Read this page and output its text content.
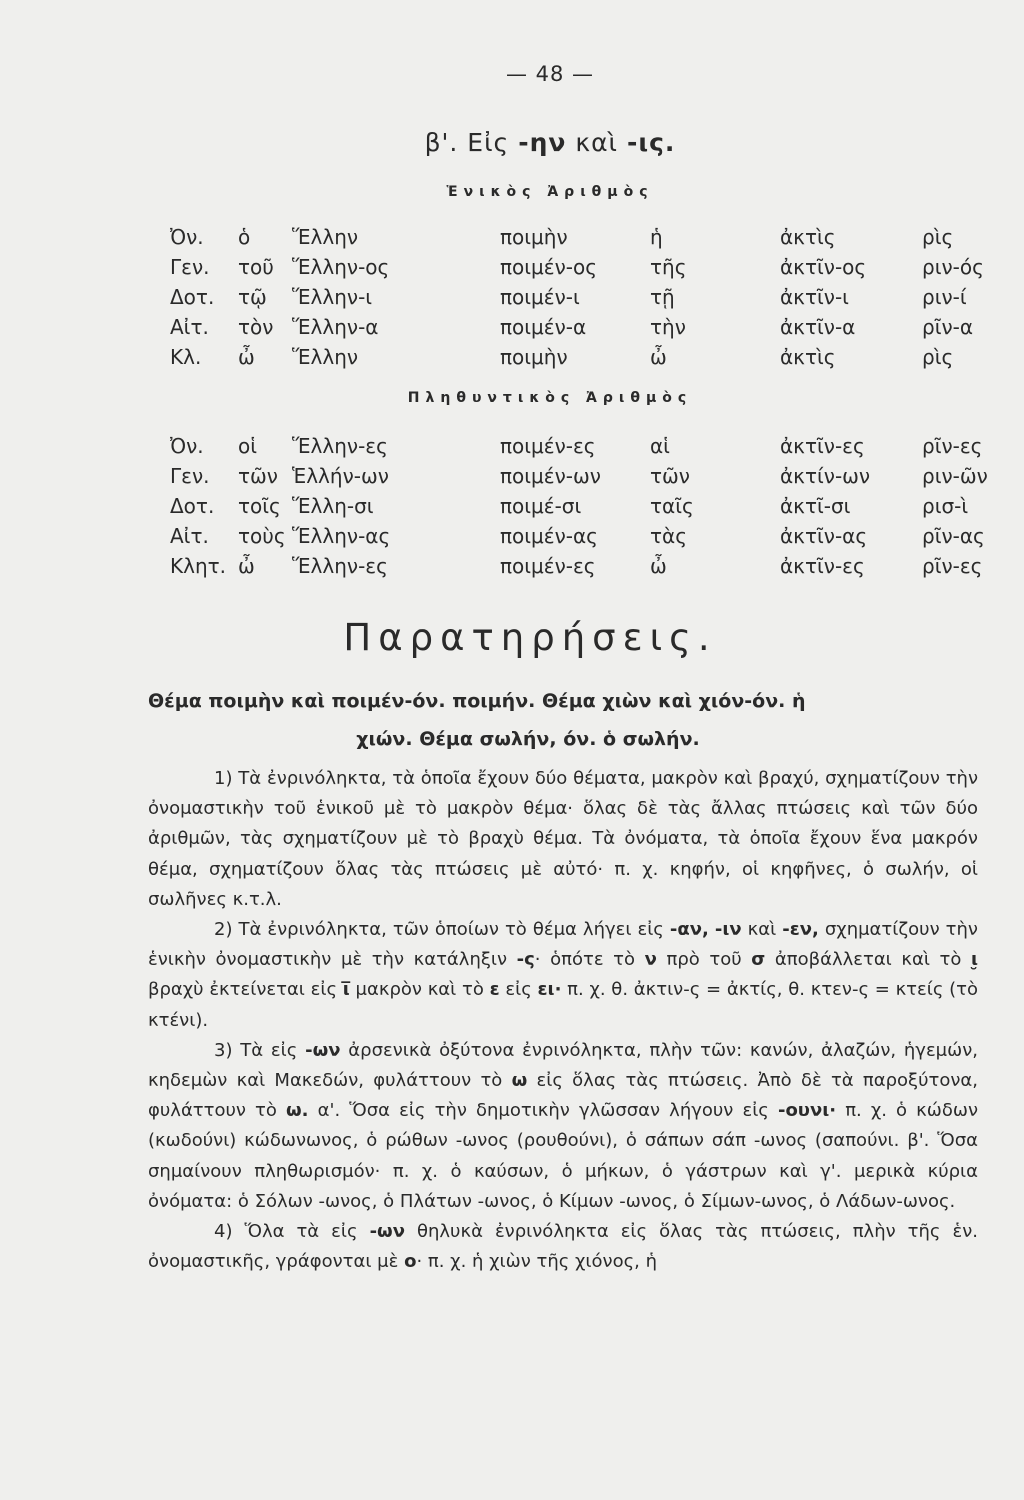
— 48 —
β'. Εἰς -ην καὶ -ις.
Ἑνικὸς Ἀριθμὸς
Ὀν.	ὁ	Ἕλλην	ποιμὴν	ἡ	ἀκτὶς	ρὶς
Γεν.	τοῦ	Ἕλλην-ος	ποιμέν-ος	τῆς	ἀκτῖν-ος	ριν-ός
Δοτ.	τῷ	Ἕλλην-ι	ποιμέν-ι	τῇ	ἀκτῖν-ι	ριν-ί
Αἰτ.	τὸν	Ἕλλην-α	ποιμέν-α	τὴν	ἀκτῖν-α	ρῖν-α
Κλ.	ὦ	Ἕλλην	ποιμὴν	ὦ	ἀκτὶς	ρὶς
Πληθυντικὸς Ἀριθμὸς
Ὀν.	οἱ	Ἕλλην-ες	ποιμέν-ες	αἱ	ἀκτῖν-ες	ρῖν-ες
Γεν.	τῶν	Ἑλλήν-ων	ποιμέν-ων	τῶν	ἀκτίν-ων	ριν-ῶν
Δοτ.	τοῖς	Ἕλλη-σι	ποιμέ-σι	ταῖς	ἀκτῖ-σι	ρισ-ὶ
Αἰτ.	τοὺς	Ἕλλην-ας	ποιμέν-ας	τὰς	ἀκτῖν-ας	ρῖν-ας
Κλητ.	ὦ	Ἕλλην-ες	ποιμέν-ες	ὦ	ἀκτῖν-ες	ρῖν-ες
Παρατηρήσεις.
Θέμα ποιμὴν καὶ ποιμέν-όν. ποιμήν. Θέμα χιὼν καὶ χιόν-όν. ἡ
χιών. Θέμα σωλήν, όν. ὁ σωλήν.

1) Τὰ ἐνρινόληκτα, τὰ ὁποῖα ἔχουν δύο θέματα, μακρὸν καὶ βραχύ, σχηματίζουν τὴν ὀνομαστικὴν τοῦ ἑνικοῦ μὲ τὸ μακρὸν θέμα· ὅλας δὲ τὰς ἄλλας πτώσεις καὶ τῶν δύο ἀριθμῶν, τὰς σχηματίζουν μὲ τὸ βραχὺ θέμα. Τὰ ὀνόματα, τὰ ὁποῖα ἔχουν ἕνα μακρόν θέμα, σχηματίζουν ὅλας τὰς πτώσεις μὲ αὐτό· π. χ. κηφήν, οἱ κηφῆνες, ὁ σωλήν, οἱ σωλῆνες κ.τ.λ.

2) Τὰ ἐνρινόληκτα, τῶν ὁποίων τὸ θέμα λήγει εἰς -αν, -ιν καὶ -εν, σχηματίζουν τὴν ἑνικὴν ὀνομαστικὴν μὲ τὴν κατάληξιν -ς· ὁπότε τὸ ν πρὸ τοῦ σ ἀποβάλλεται καὶ τὸ ι̮ βραχὺ ἐκτείνεται εἰς ι̅ μακρὸν καὶ τὸ ε εἰς ει· π. χ. θ. ἀκτιν-ς = ἀκτίς, θ. κτεν-ς = κτείς (τὸ κτένι).

3) Τὰ εἰς -ων ἀρσενικὰ ὀξύτονα ἐνρινόληκτα, πλὴν τῶν: κανών, ἀλαζών, ἡγεμών, κηδεμὼν καὶ Μακεδών, φυλάττουν τὸ ω εἰς ὅλας τὰς πτώσεις. Ἀπὸ δὲ τὰ παροξύτονα, φυλάττουν τὸ ω. α'. Ὅσα εἰς τὴν δημοτικὴν γλῶσσαν λήγουν εἰς -ουνι· π. χ. ὁ κώδων (κωδούνι) κώδωνωνος, ὁ ρώθων -ωνος (ρουθούνι), ὁ σάπων σάπ -ωνος (σαπούνι. β'. Ὅσα σημαίνουν πληθωρισμόν· π. χ. ὁ καύσων, ὁ μήκων, ὁ γάστρων καὶ γ'. μερικὰ κύρια ὀνόματα: ὁ Σόλων -ωνος, ὁ Πλάτων -ωνος, ὁ Κίμων -ωνος, ὁ Σίμων-ωνος, ὁ Λάδων-ωνος.

4) Ὅλα τὰ εἰς -ων θηλυκὰ ἐνρινόληκτα εἰς ὅλας τὰς πτώσεις, πλὴν τῆς ἑν. ὀνομαστικῆς, γράφονται μὲ ο· π. χ. ἡ χιὼν τῆς χιόνος, ἡ
